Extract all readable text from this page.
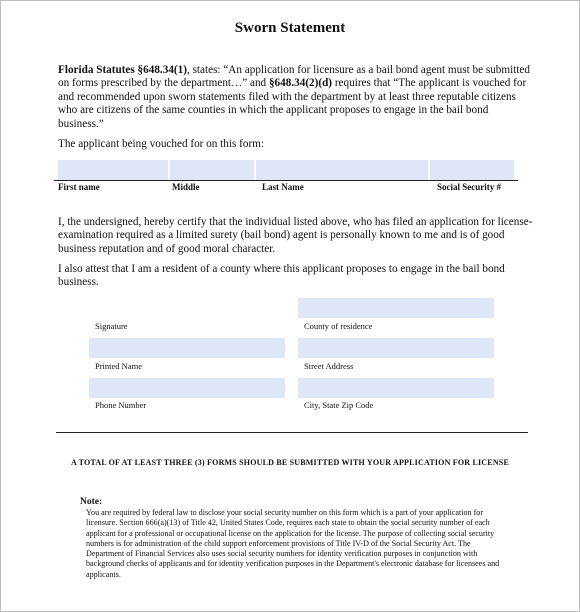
Sworn Statement
Florida Statutes §648.34(1), states: “An application for licensure as a bail bond agent must be submitted on forms prescribed by the department…” and §648.34(2)(d) requires that “The applicant is vouched for and recommended upon sworn statements filed with the department by at least three reputable citizens who are citizens of the same counties in which the applicant proposes to engage in the bail bond business.”
The applicant being vouched for on this form:
First name	Middle	Last Name	Social Security #
I, the undersigned, hereby certify that the individual listed above, who has filed an application for license-examination required as a limited surety (bail bond) agent is personally known to me and is of good business reputation and of good moral character.
I also attest that I am a resident of a county where this applicant proposes to engage in the bail bond business.
Signature	County of residence
Printed Name	Street Address
Phone Number	City, State Zip Code
A TOTAL OF AT LEAST THREE (3) FORMS SHOULD BE SUBMITTED WITH YOUR APPLICATION FOR LICENSE
Note:
You are required by federal law to disclose your social security number on this form which is a part of your application for licensure. Section 666(a)(13) of Title 42, United States Code, requires each state to obtain the social security number of each applicant for a professional or occupational license on the application for the license. The purpose of collecting social security numbers is for administration of the child support enforcement provisions of Title IV-D of the Social Security Act. The Department of Financial Services also uses social security numbers for identity verification purposes in conjunction with background checks of applicants and for identity verification purposes in the Department's electronic database for licensees and applicants.
